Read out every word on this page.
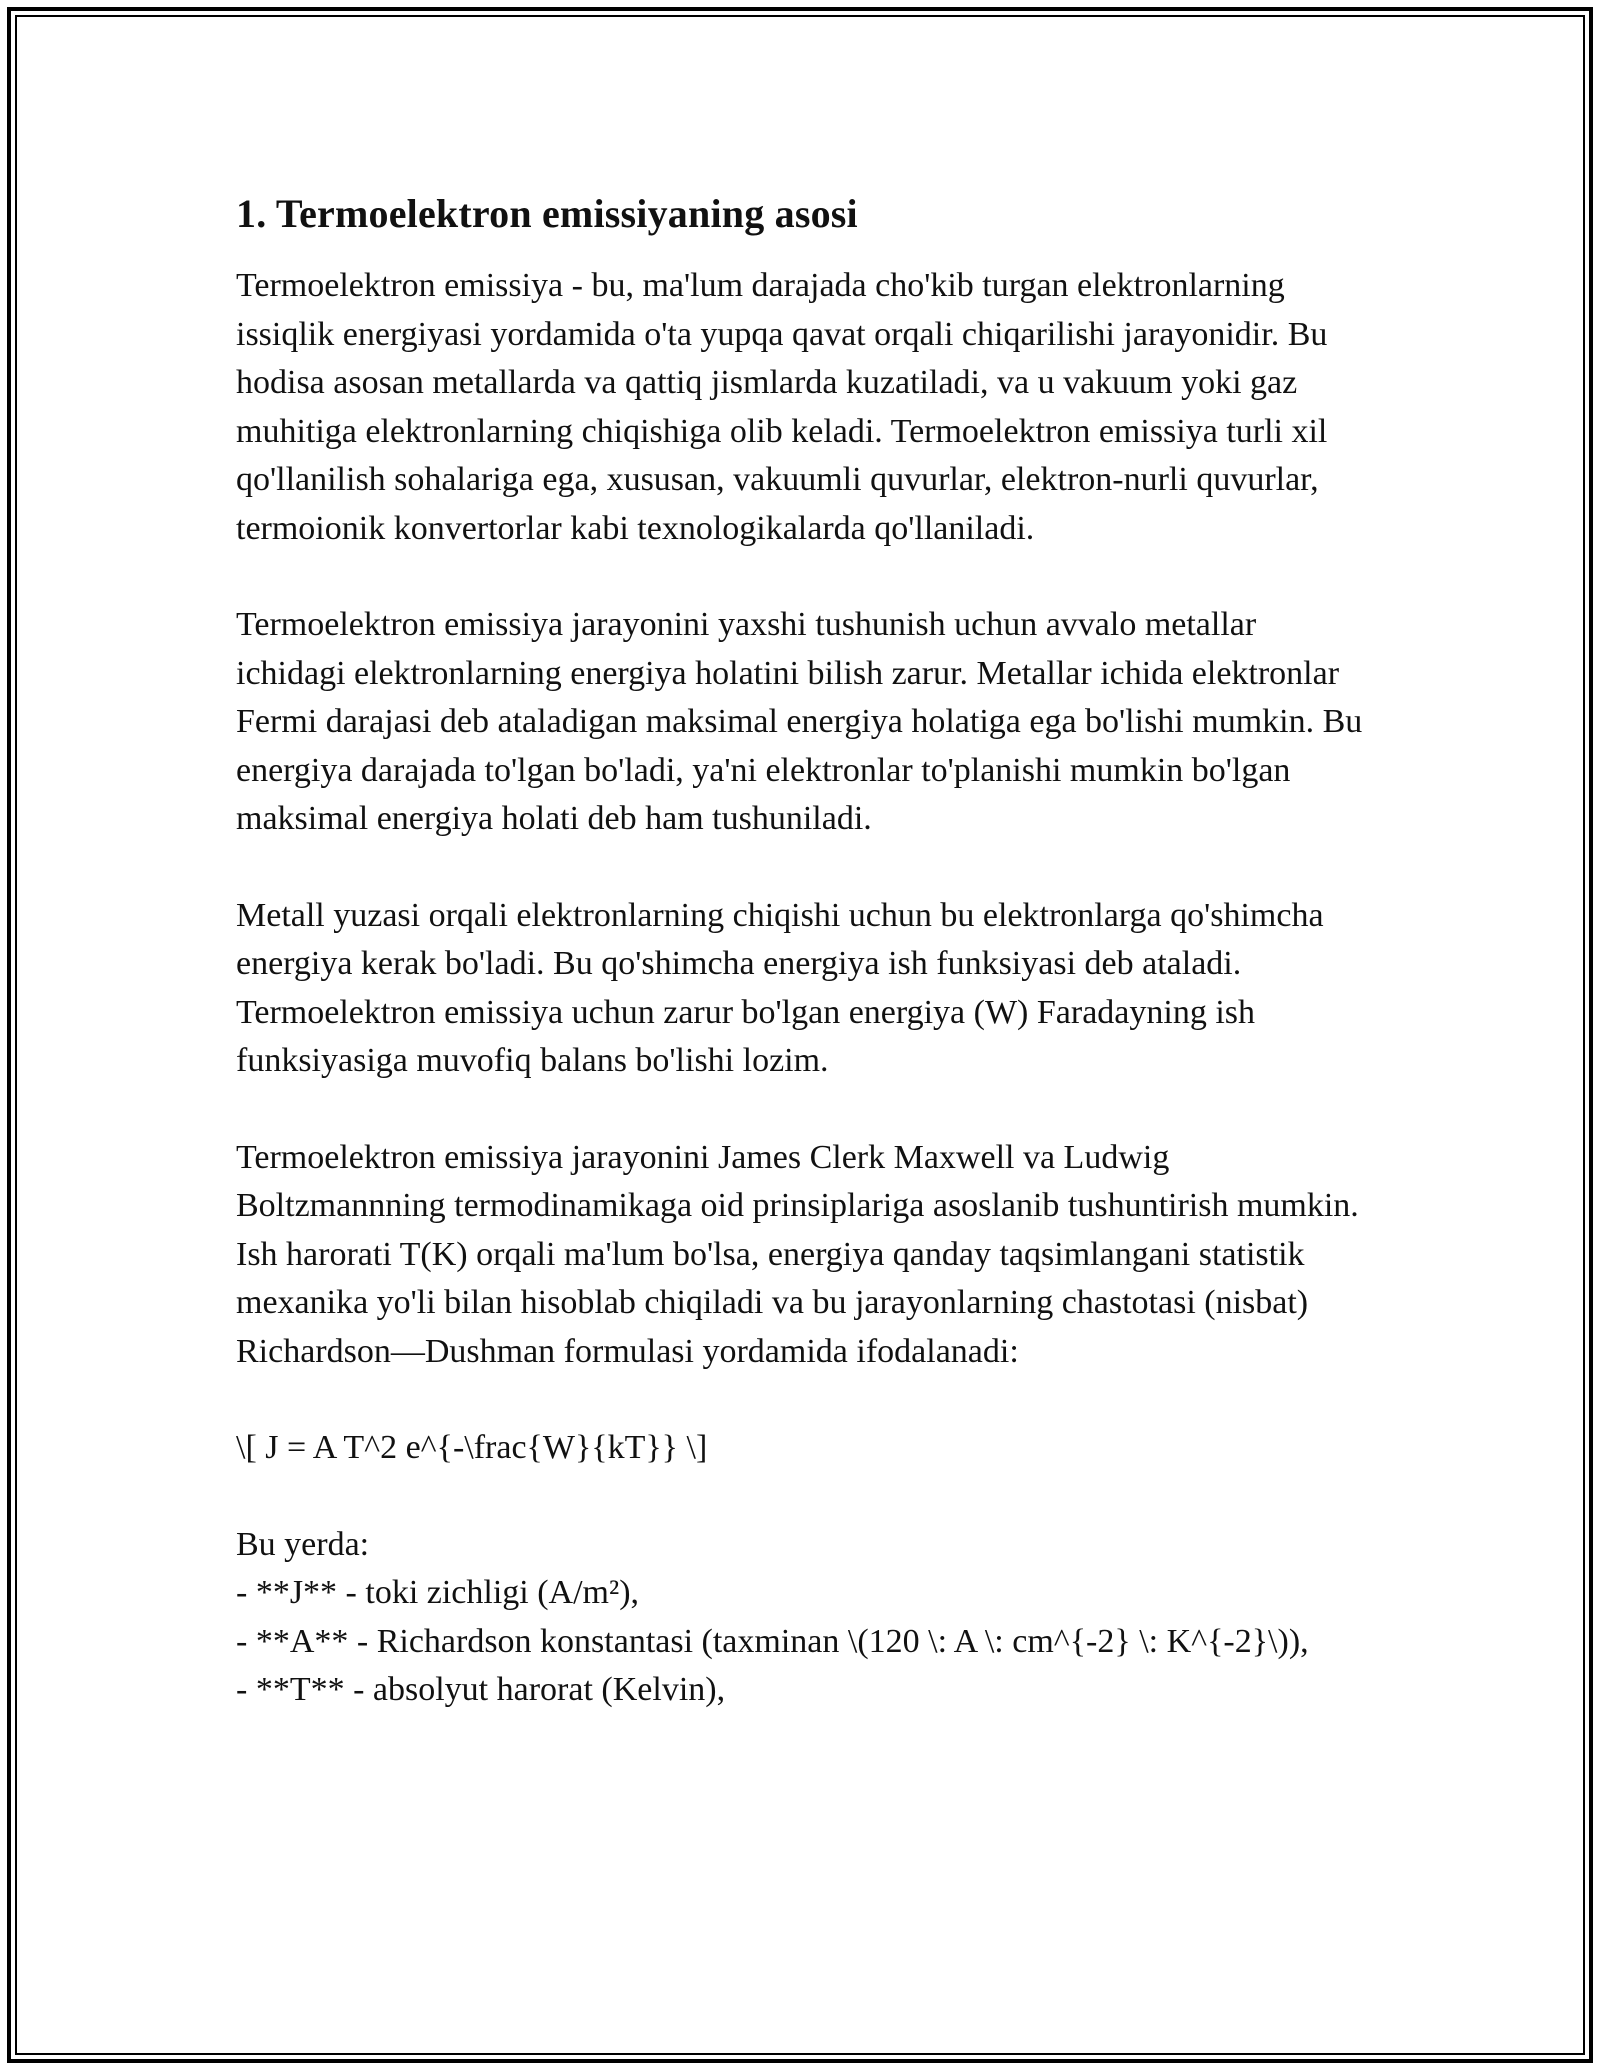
1. Termoelektron emissiyaning asosi

Termoelektron emissiya - bu, ma'lum darajada cho'kib turgan elektronlarning issiqlik energiyasi yordamida o'ta yupqa qavat orqali chiqarilishi jarayonidir. Bu hodisa asosan metallarda va qattiq jismlarda kuzatiladi, va u vakuum yoki gaz muhitiga elektronlarning chiqishiga olib keladi. Termoelektron emissiya turli xil qo'llanilish sohalariga ega, xususan, vakuumli quvurlar, elektron-nurli quvurlar, termoionik konvertorlar kabi texnologikalarda qo'llaniladi.

Termoelektron emissiya jarayonini yaxshi tushunish uchun avvalo metallar ichidagi elektronlarning energiya holatini bilish zarur. Metallar ichida elektronlar Fermi darajasi deb ataladigan maksimal energiya holatiga ega bo'lishi mumkin. Bu energiya darajada to'lgan bo'ladi, ya'ni elektronlar to'planishi mumkin bo'lgan maksimal energiya holati deb ham tushuniladi.

Metall yuzasi orqali elektronlarning chiqishi uchun bu elektronlarga qo'shimcha energiya kerak bo'ladi. Bu qo'shimcha energiya ish funksiyasi deb ataladi. Termoelektron emissiya uchun zarur bo'lgan energiya (W) Faradayning ish funksiyasiga muvofiq balans bo'lishi lozim.

Termoelektron emissiya jarayonini James Clerk Maxwell va Ludwig Boltzmannning termodinamikaga oid prinsiplariga asoslanib tushuntirish mumkin. Ish harorati T(K) orqali ma'lum bo'lsa, energiya qanday taqsimlangani statistik mexanika yo'li bilan hisoblab chiqiladi va bu jarayonlarning chastotasi (nisbat) Richardson—Dushman formulasi yordamida ifodalanadi:

\[ J = A T^2 e^{-\frac{W}{kT}} \]

Bu yerda:

- **J** - toki zichligi (A/m²),

- **A** - Richardson konstantasi (taxminan \(120 \: A \: cm^{-2} \: K^{-2}\)),

- **T** - absolyut harorat (Kelvin),
